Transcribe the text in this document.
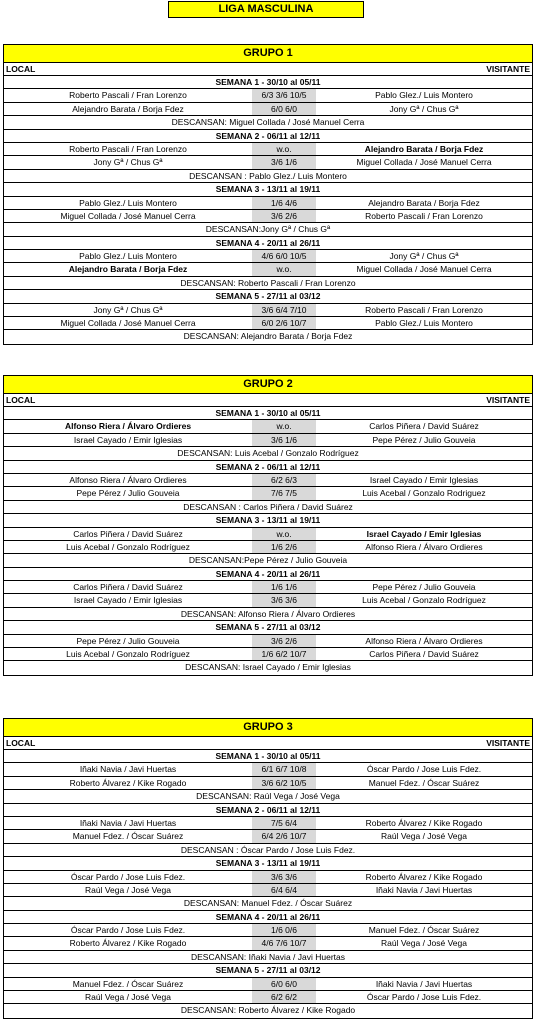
LIGA MASCULINA
GRUPO 1
LOCAL	VISITANTE
SEMANA 1 - 30/10 al 05/11
Roberto Pascali / Fran Lorenzo	6/3 3/6 10/5	Pablo Glez./ Luis Montero
Alejandro Barata / Borja Fdez	6/0 6/0	Jony Gª / Chus Gª
DESCANSAN: Miguel Collada / José Manuel Cerra
SEMANA 2 - 06/11 al 12/11
Roberto Pascali / Fran Lorenzo	w.o.	Alejandro Barata / Borja Fdez
Jony Gª / Chus Gª	3/6 1/6	Miguel Collada / José Manuel Cerra
DESCANSAN : Pablo Glez./ Luis Montero
SEMANA 3 - 13/11 al 19/11
Pablo Glez./ Luis Montero	1/6 4/6	Alejandro Barata / Borja Fdez
Miguel Collada / José Manuel Cerra	3/6 2/6	Roberto Pascali / Fran Lorenzo
DESCANSAN:Jony Gª / Chus Gª
SEMANA 4 - 20/11 al 26/11
Pablo Glez./ Luis Montero	4/6 6/0 10/5	Jony Gª / Chus Gª
Alejandro Barata / Borja Fdez	w.o.	Miguel Collada / José Manuel Cerra
DESCANSAN: Roberto Pascali / Fran Lorenzo
SEMANA 5 - 27/11 al 03/12
Jony Gª / Chus Gª	3/6 6/4 7/10	Roberto Pascali / Fran Lorenzo
Miguel Collada / José Manuel Cerra	6/0 2/6 10/7	Pablo Glez./ Luis Montero
DESCANSAN: Alejandro Barata / Borja Fdez
GRUPO 2
LOCAL	VISITANTE
SEMANA 1 - 30/10 al 05/11
Alfonso Riera / Álvaro Ordieres	w.o.	Carlos Piñera / David Suárez
Israel Cayado / Emir Iglesias	3/6 1/6	Pepe Pérez / Julio Gouveia
DESCANSAN: Luis Acebal / Gonzalo Rodríguez
SEMANA 2 - 06/11 al 12/11
Alfonso Riera / Álvaro Ordieres	6/2 6/3	Israel Cayado / Emir Iglesias
Pepe Pérez / Julio Gouveia	7/6 7/5	Luis Acebal / Gonzalo Rodriguez
DESCANSAN : Carlos Piñera / David Suárez
SEMANA 3 - 13/11 al 19/11
Carlos Piñera / David Suárez	w.o.	Israel Cayado / Emir Iglesias
Luis Acebal / Gonzalo Rodríguez	1/6 2/6	Alfonso Riera / Álvaro Ordieres
DESCANSAN:Pepe Pérez / Julio Gouveia
SEMANA 4 - 20/11 al 26/11
Carlos Piñera / David Suárez	1/6 1/6	Pepe Pérez / Julio Gouveia
Israel Cayado / Emir Iglesias	3/6 3/6	Luis Acebal / Gonzalo Rodríguez
DESCANSAN: Alfonso Riera / Álvaro Ordieres
SEMANA 5 - 27/11 al 03/12
Pepe Pérez / Julio Gouveia	3/6 2/6	Alfonso Riera / Álvaro Ordieres
Luis Acebal / Gonzalo Rodríguez	1/6 6/2 10/7	Carlos Piñera / David Suárez
DESCANSAN: Israel Cayado / Emir Iglesias
GRUPO 3
LOCAL	VISITANTE
SEMANA 1 - 30/10 al 05/11
Iñaki Navia / Javi Huertas	6/1 6/7 10/8	Óscar Pardo / Jose Luis Fdez.
Roberto Álvarez / Kike Rogado	3/6 6/2 10/5	Manuel Fdez. / Óscar Suárez
DESCANSAN: Raúl Vega / José Vega
SEMANA 2 - 06/11 al 12/11
Iñaki Navia / Javi Huertas	7/5 6/4	Roberto Álvarez / Kike Rogado
Manuel Fdez. / Óscar Suárez	6/4 2/6 10/7	Raúl Vega / José Vega
DESCANSAN : Óscar Pardo / Jose Luis Fdez.
SEMANA 3 - 13/11 al 19/11
Óscar Pardo / Jose Luis Fdez.	3/6 3/6	Roberto Álvarez / Kike Rogado
Raúl Vega / José Vega	6/4 6/4	Iñaki Navia / Javi Huertas
DESCANSAN: Manuel Fdez. / Óscar Suárez
SEMANA 4 - 20/11 al 26/11
Óscar Pardo / Jose Luis Fdez.	1/6 0/6	Manuel Fdez. / Óscar Suárez
Roberto Álvarez / Kike Rogado	4/6 7/6 10/7	Raúl Vega / José Vega
DESCANSAN: Iñaki Navia / Javi Huertas
SEMANA 5 - 27/11 al 03/12
Manuel Fdez. / Óscar Suárez	6/0 6/0	Iñaki Navia / Javi Huertas
Raúl Vega / José Vega	6/2 6/2	Óscar Pardo / Jose Luis Fdez.
DESCANSAN: Roberto Álvarez / Kike Rogado
